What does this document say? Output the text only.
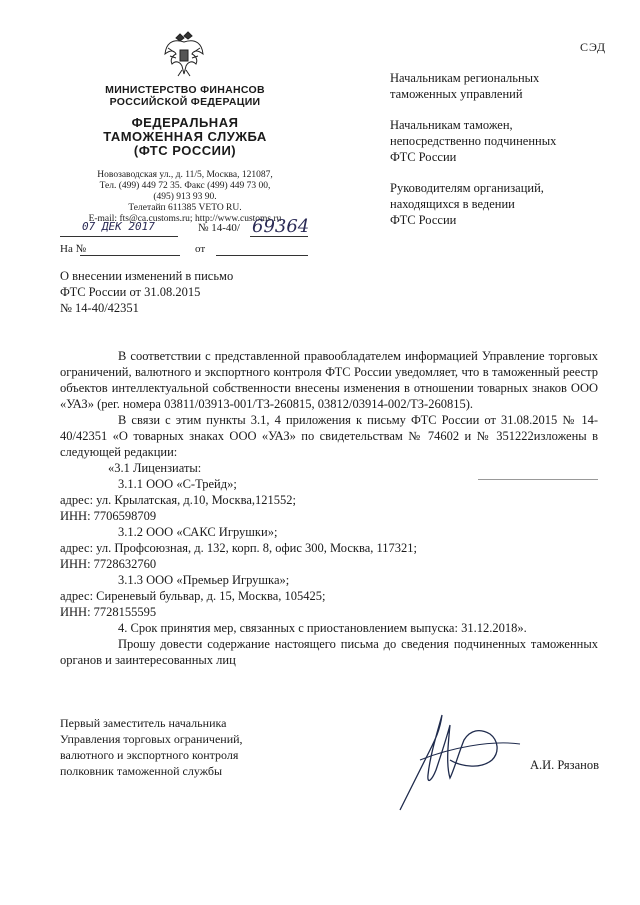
СЭД
МИНИСТЕРСТВО ФИНАНСОВ
РОССИЙСКОЙ ФЕДЕРАЦИИ
ФЕДЕРАЛЬНАЯ
ТАМОЖЕННАЯ СЛУЖБА
(ФТС РОССИИ)
Новозаводская ул., д. 11/5, Москва, 121087,
Тел. (499) 449 72 35. Факс (499) 449 73 00,
(495) 913 93 90.
Телетайп 611385 VETO RU.
E-mail: fts@ca.customs.ru; http://www.customs.ru
07 ДЕК 2017	№ 14-40/ 69364
На №	от
Начальникам региональных
таможенных управлений
Начальникам таможен,
непосредственно подчиненных
ФТС России
Руководителям организаций,
находящихся в ведении
ФТС России
О внесении изменений в письмо
ФТС России от 31.08.2015
№ 14-40/42351

В соответствии с представленной правообладателем информацией Управление торговых ограничений, валютного и экспортного контроля ФТС России уведомляет, что в таможенный реестр объектов интеллектуальной собственности внесены изменения в отношении товарных знаков ООО «УАЗ» (рег. номера 03811/03913-001/ТЗ-260815, 03812/03914-002/ТЗ-260815).

В связи с этим пункты 3.1, 4 приложения к письму ФТС России от 31.08.2015 № 14-40/42351 «О товарных знаках ООО «УАЗ» по свидетельствам № 74602 и № 351222изложены в следующей редакции:

«3.1 Лицензиаты:

3.1.1 ООО «С-Трейд»;

адрес: ул. Крылатская, д.10, Москва,121552;

ИНН: 7706598709

3.1.2 ООО «САКС Игрушки»;

адрес: ул. Профсоюзная, д. 132, корп. 8, офис 300, Москва, 117321;

ИНН: 7728632760

3.1.3 ООО «Премьер Игрушка»;

адрес: Сиреневый бульвар, д. 15, Москва, 105425;

ИНН: 7728155595

4. Срок принятия мер, связанных с приостановлением выпуска: 31.12.2018».

Прошу довести содержание настоящего письма до сведения подчиненных таможенных органов и заинтересованных лиц

Первый заместитель начальника
Управления торговых ограничений,
валютного и экспортного контроля
полковник таможенной службы	А.И. Рязанов
